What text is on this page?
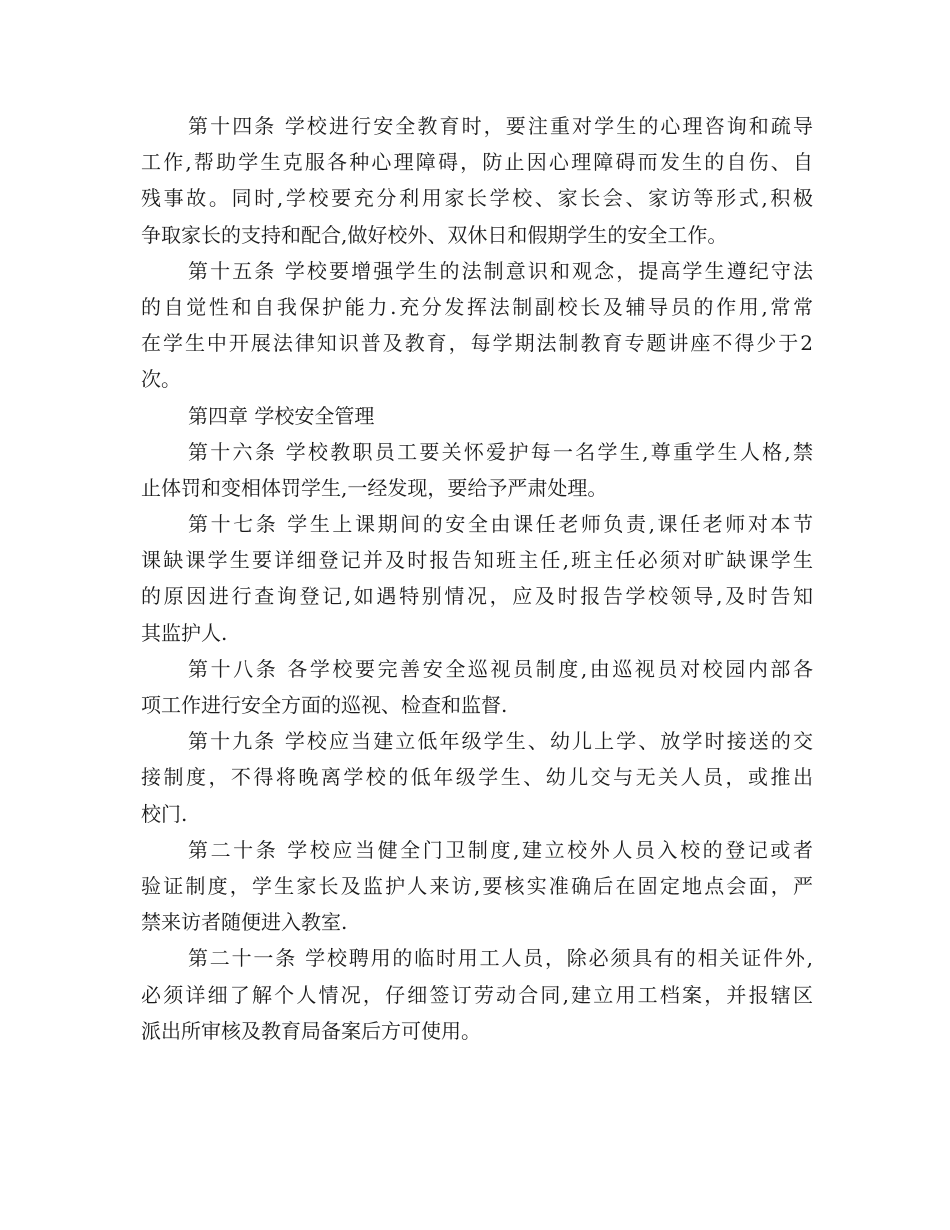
第十四条 学校进行安全教育时，要注重对学生的心理咨询和疏导
工作,帮助学生克服各种心理障碍，防止因心理障碍而发生的自伤、自
残事故。同时,学校要充分利用家长学校、家长会、家访等形式,积极
争取家长的支持和配合,做好校外、双休日和假期学生的安全工作。
第十五条 学校要增强学生的法制意识和观念，提高学生遵纪守法
的自觉性和自我保护能力.充分发挥法制副校长及辅导员的作用,常常
在学生中开展法律知识普及教育，每学期法制教育专题讲座不得少于2
次。
第四章 学校安全管理
第十六条 学校教职员工要关怀爱护每一名学生,尊重学生人格,禁
止体罚和变相体罚学生,一经发现，要给予严肃处理。
第十七条 学生上课期间的安全由课任老师负责,课任老师对本节
课缺课学生要详细登记并及时报告知班主任,班主任必须对旷缺课学生
的原因进行查询登记,如遇特别情况，应及时报告学校领导,及时告知
其监护人.
第十八条 各学校要完善安全巡视员制度,由巡视员对校园内部各
项工作进行安全方面的巡视、检查和监督.
第十九条 学校应当建立低年级学生、幼儿上学、放学时接送的交
接制度，不得将晚离学校的低年级学生、幼儿交与无关人员，或推出
校门.
第二十条 学校应当健全门卫制度,建立校外人员入校的登记或者
验证制度，学生家长及监护人来访,要核实准确后在固定地点会面，严
禁来访者随便进入教室.
第二十一条 学校聘用的临时用工人员，除必须具有的相关证件外,
必须详细了解个人情况，仔细签订劳动合同,建立用工档案，并报辖区
派出所审核及教育局备案后方可使用。
